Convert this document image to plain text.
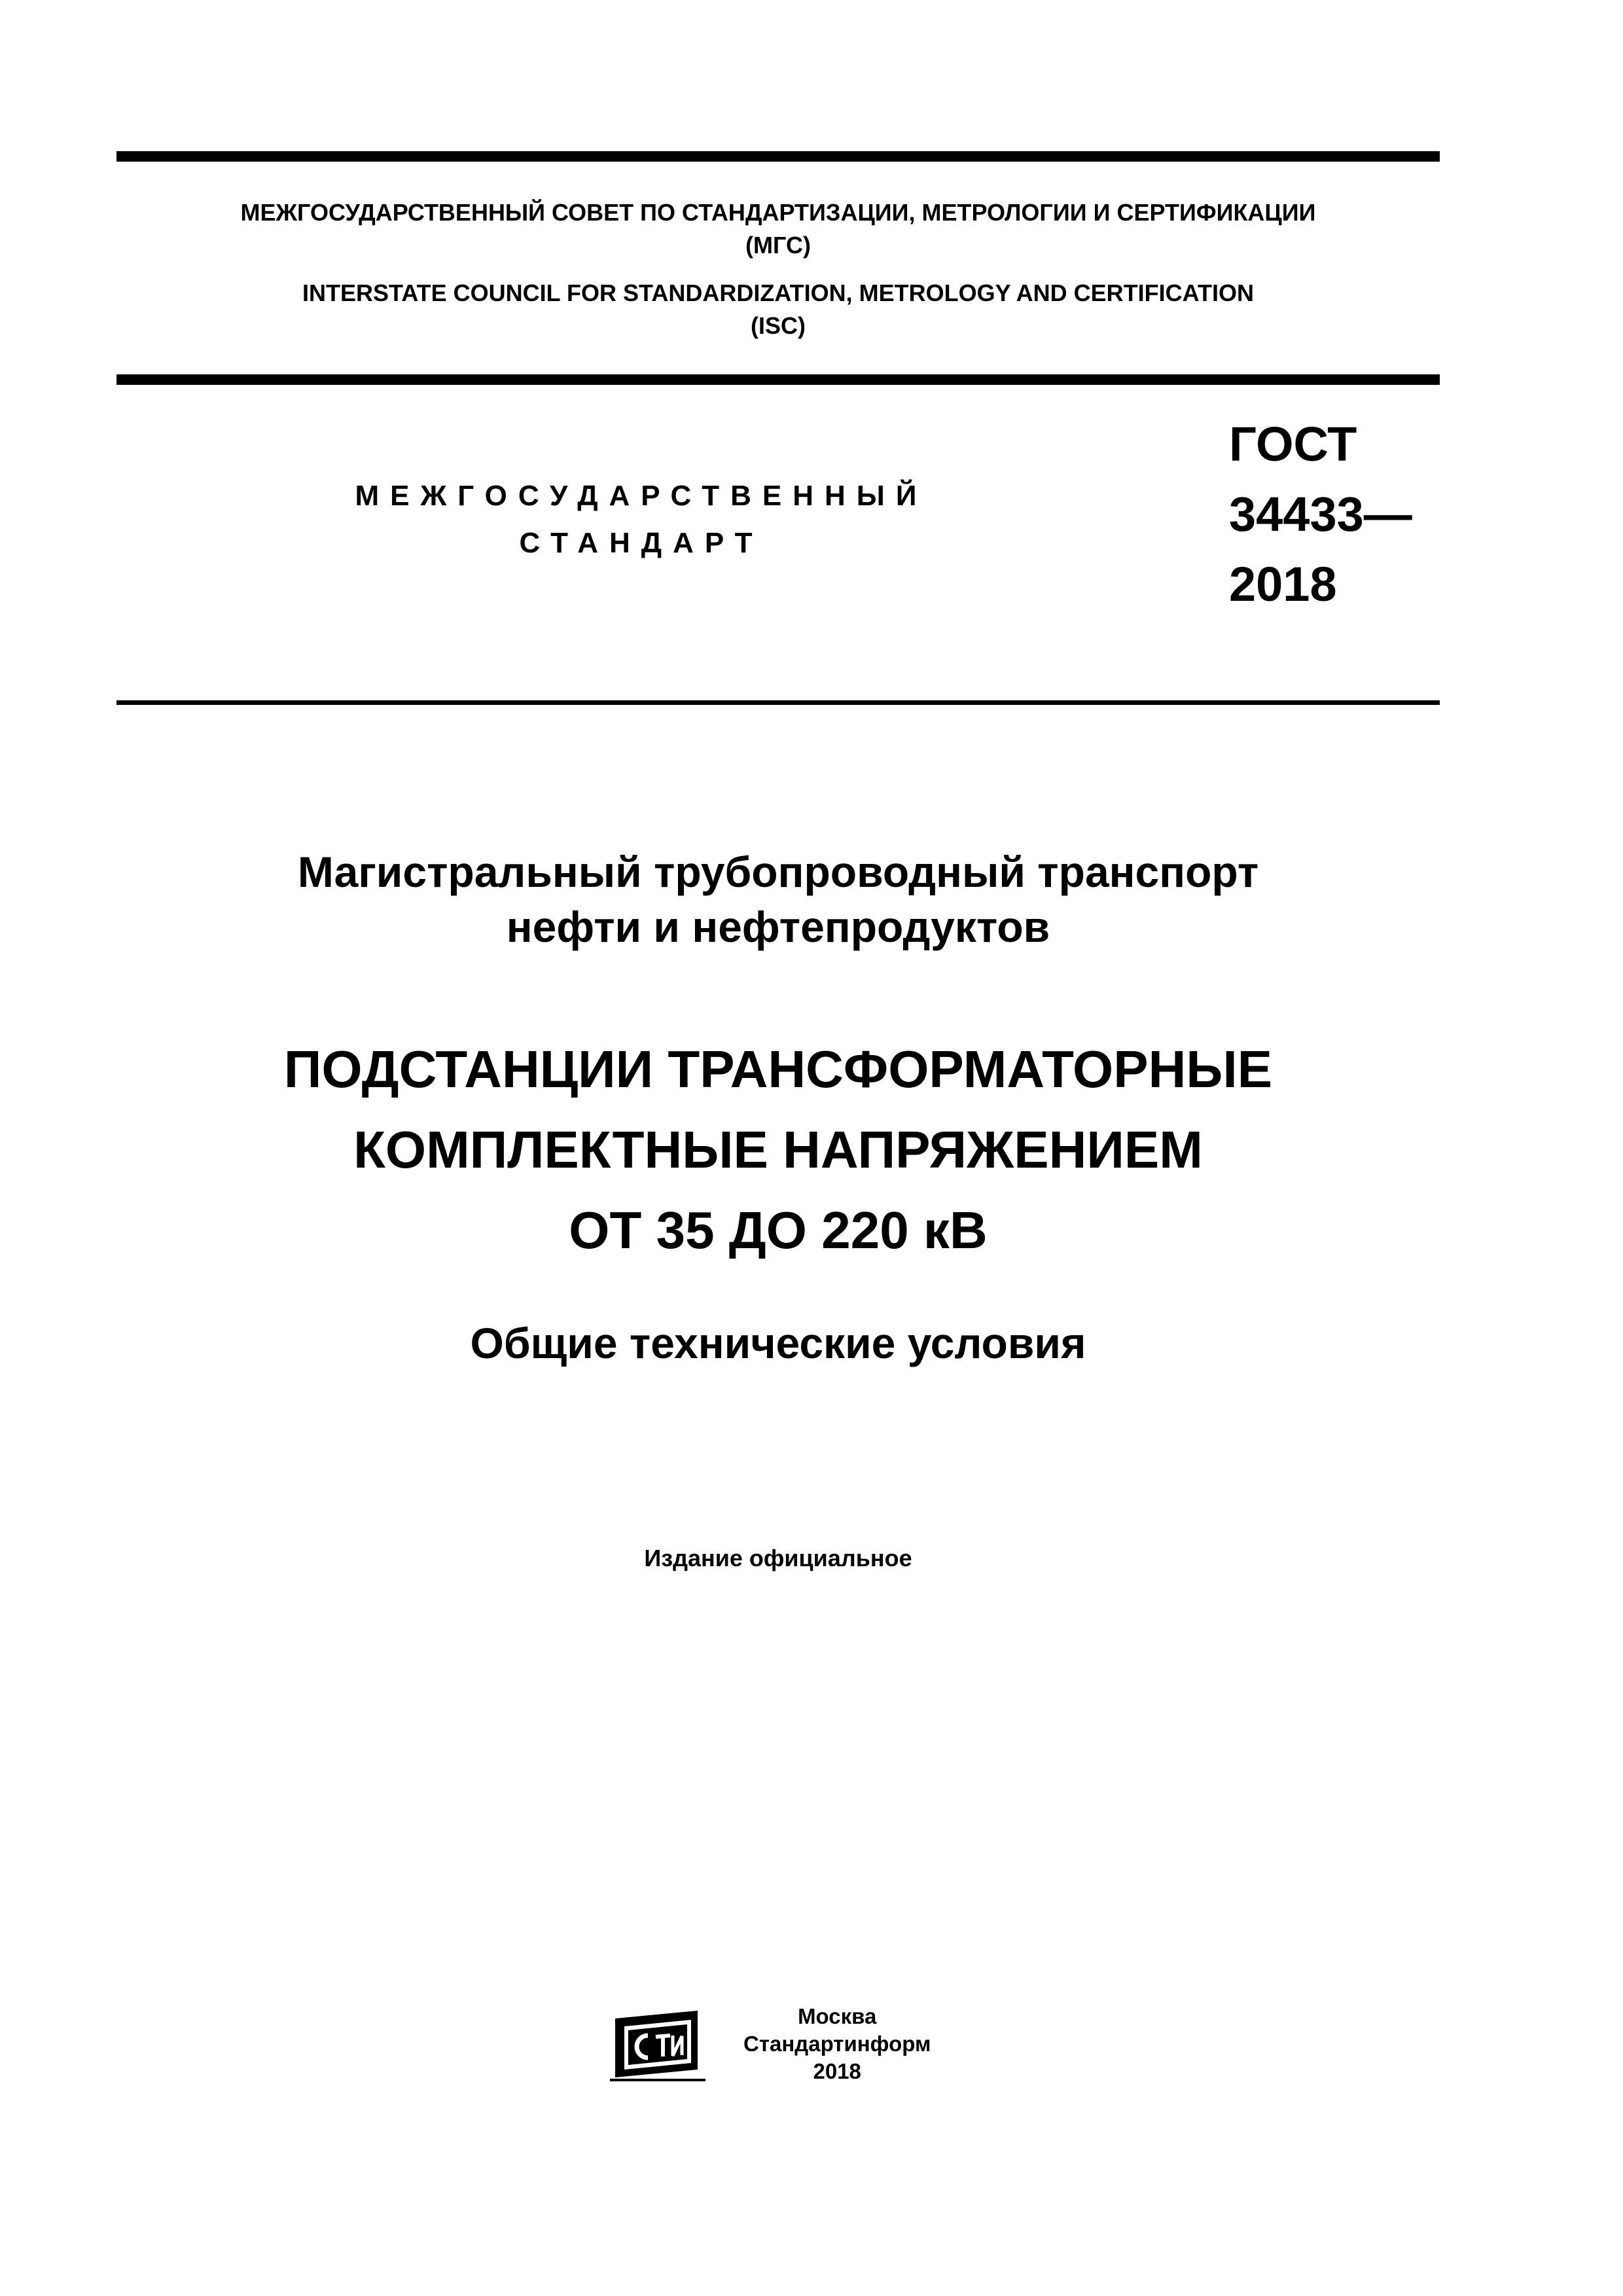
МЕЖГОСУДАРСТВЕННЫЙ СОВЕТ ПО СТАНДАРТИЗАЦИИ, МЕТРОЛОГИИ И СЕРТИФИКАЦИИ
(МГС)
INTERSTATE COUNCIL FOR STANDARDIZATION, METROLOGY AND CERTIFICATION
(ISC)
МЕЖГОСУДАРСТВЕННЫЙ
СТАНДАРТ
ГОСТ
34433—
2018
Магистральный трубопроводный транспорт
нефти и нефтепродуктов
ПОДСТАНЦИИ ТРАНСФОРМАТОРНЫЕ
КОМПЛЕКТНЫЕ НАПРЯЖЕНИЕМ
ОТ 35 ДО 220 кВ
Общие технические условия
Издание официальное
Москва
Стандартинформ
2018
